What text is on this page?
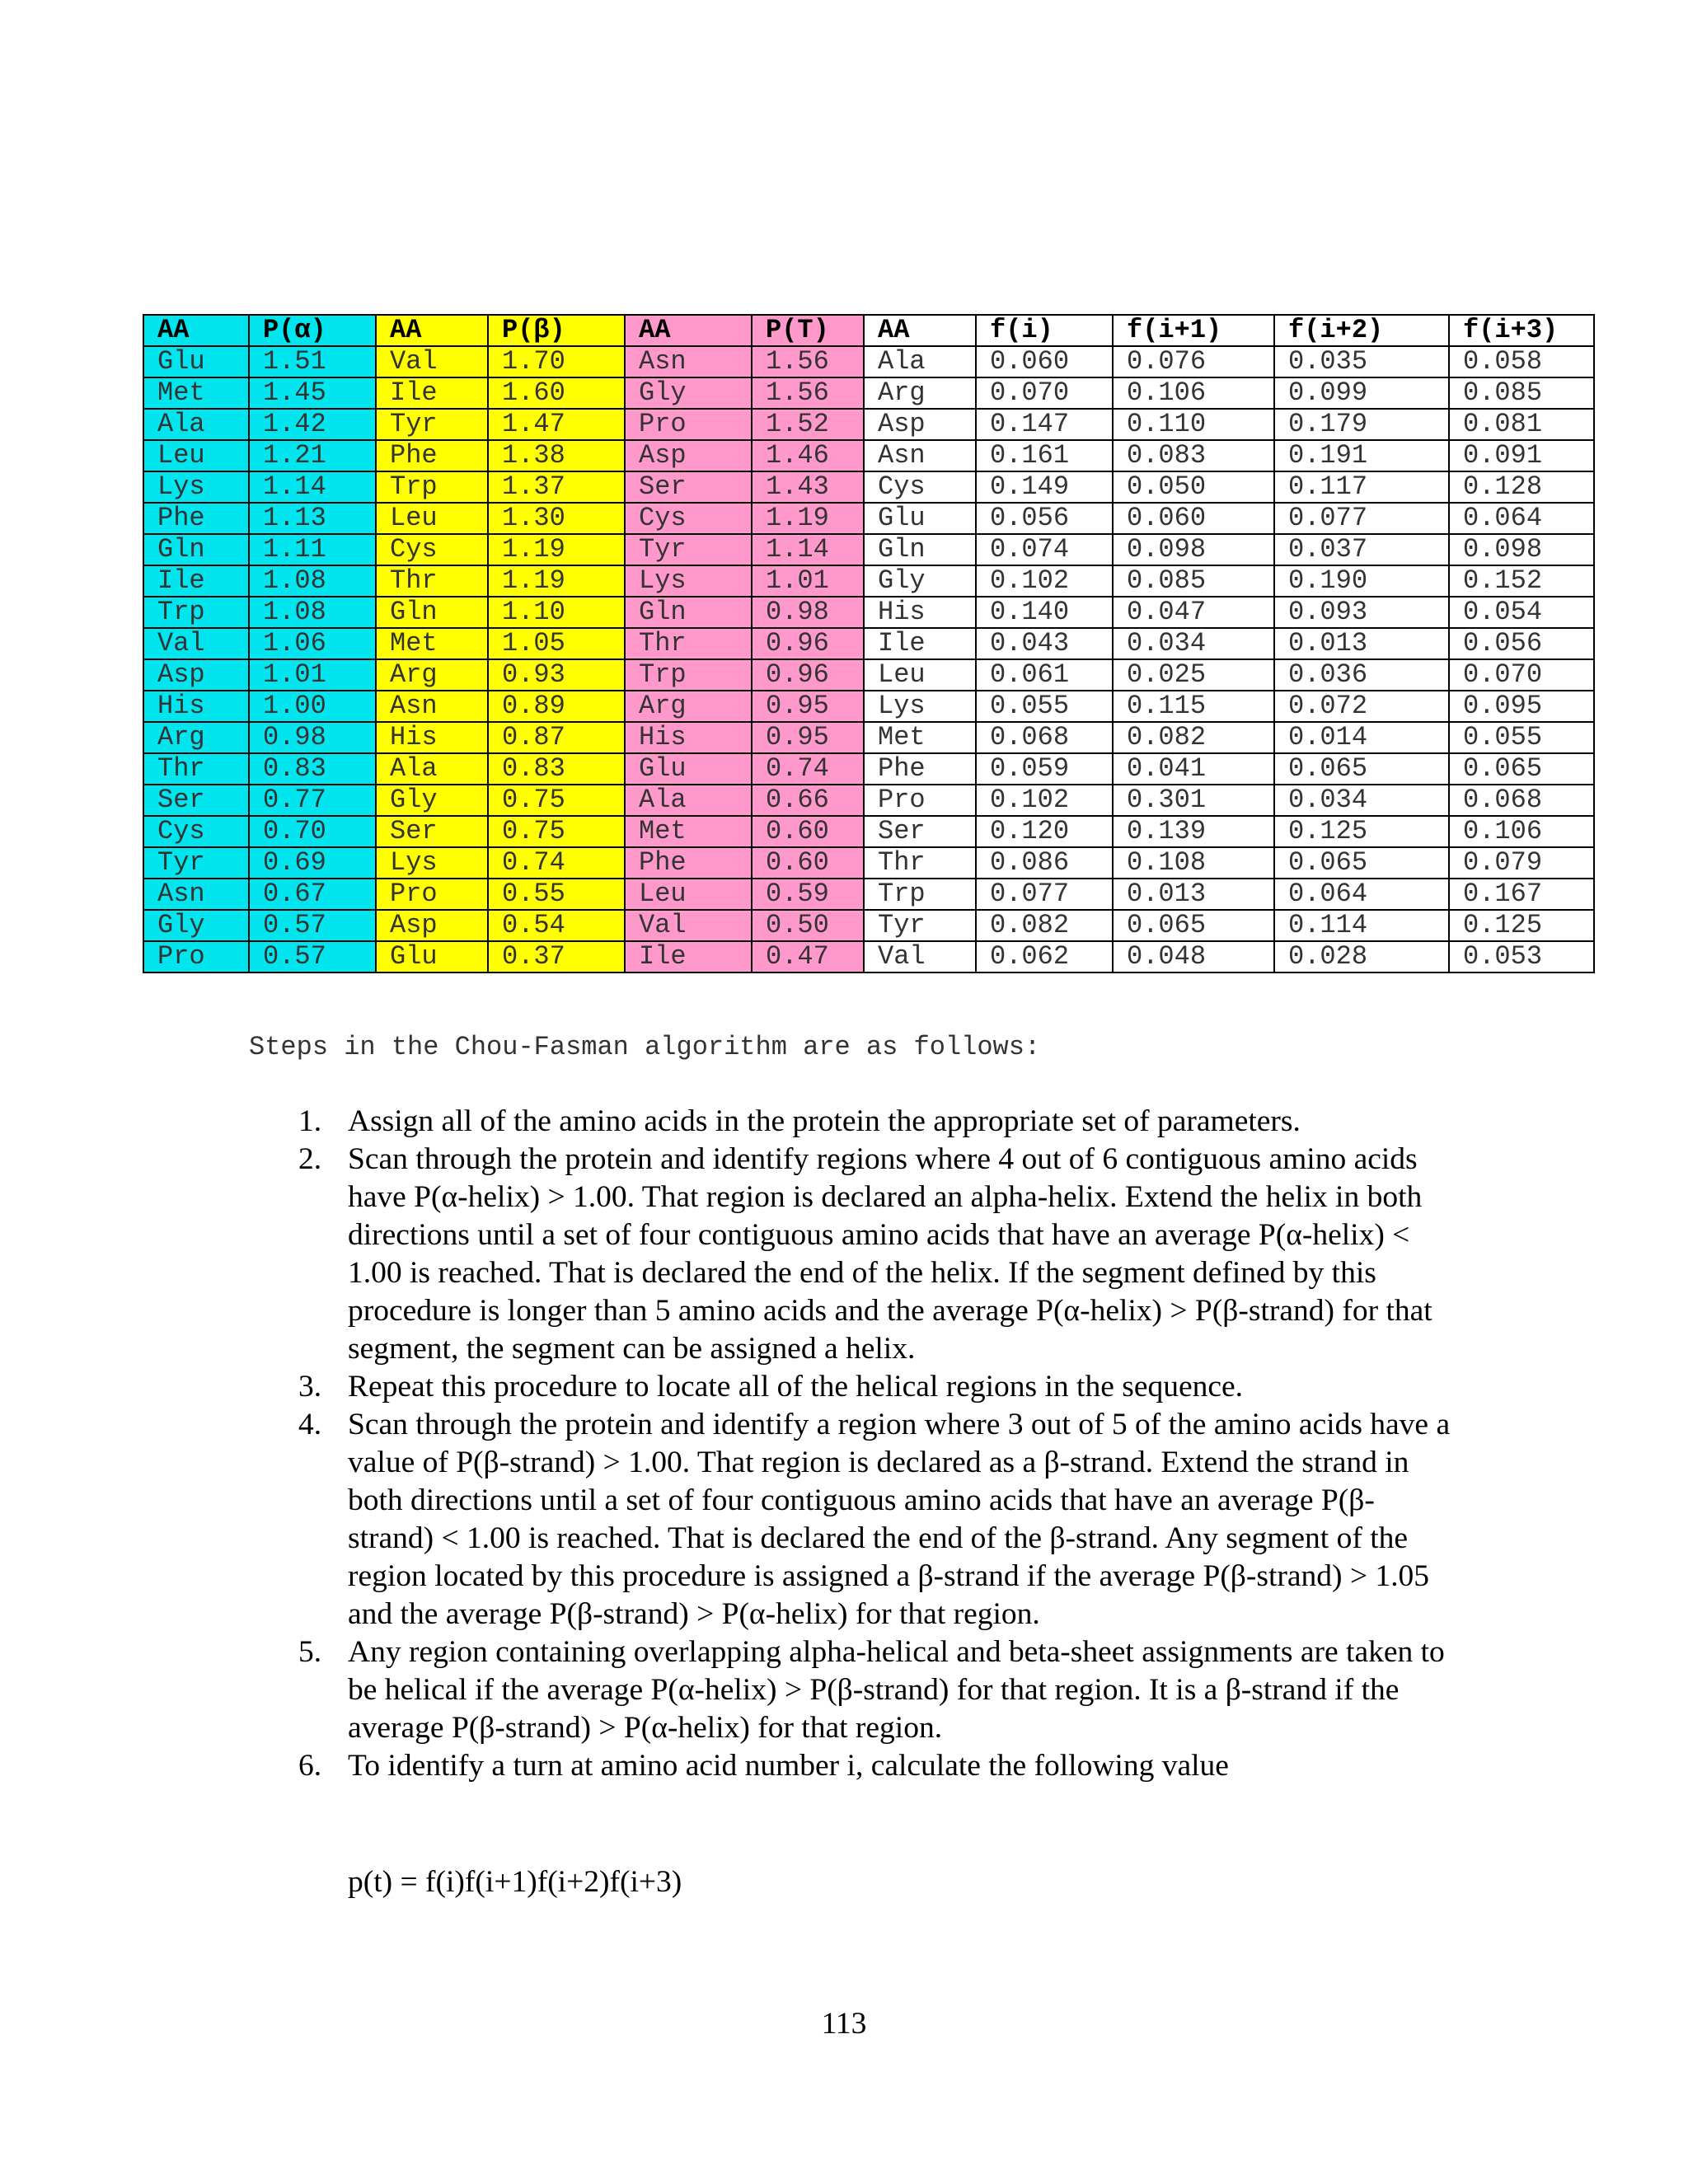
AA	P(α)	AA	P(β)	AA	P(T)	AA	f(i)	f(i+1)	f(i+2)	f(i+3)
Glu	1.51	Val	1.70	Asn	1.56	Ala	0.060	0.076	0.035	0.058
Met	1.45	Ile	1.60	Gly	1.56	Arg	0.070	0.106	0.099	0.085
Ala	1.42	Tyr	1.47	Pro	1.52	Asp	0.147	0.110	0.179	0.081
Leu	1.21	Phe	1.38	Asp	1.46	Asn	0.161	0.083	0.191	0.091
Lys	1.14	Trp	1.37	Ser	1.43	Cys	0.149	0.050	0.117	0.128
Phe	1.13	Leu	1.30	Cys	1.19	Glu	0.056	0.060	0.077	0.064
Gln	1.11	Cys	1.19	Tyr	1.14	Gln	0.074	0.098	0.037	0.098
Ile	1.08	Thr	1.19	Lys	1.01	Gly	0.102	0.085	0.190	0.152
Trp	1.08	Gln	1.10	Gln	0.98	His	0.140	0.047	0.093	0.054
Val	1.06	Met	1.05	Thr	0.96	Ile	0.043	0.034	0.013	0.056
Asp	1.01	Arg	0.93	Trp	0.96	Leu	0.061	0.025	0.036	0.070
His	1.00	Asn	0.89	Arg	0.95	Lys	0.055	0.115	0.072	0.095
Arg	0.98	His	0.87	His	0.95	Met	0.068	0.082	0.014	0.055
Thr	0.83	Ala	0.83	Glu	0.74	Phe	0.059	0.041	0.065	0.065
Ser	0.77	Gly	0.75	Ala	0.66	Pro	0.102	0.301	0.034	0.068
Cys	0.70	Ser	0.75	Met	0.60	Ser	0.120	0.139	0.125	0.106
Tyr	0.69	Lys	0.74	Phe	0.60	Thr	0.086	0.108	0.065	0.079
Asn	0.67	Pro	0.55	Leu	0.59	Trp	0.077	0.013	0.064	0.167
Gly	0.57	Asp	0.54	Val	0.50	Tyr	0.082	0.065	0.114	0.125
Pro	0.57	Glu	0.37	Ile	0.47	Val	0.062	0.048	0.028	0.053

Steps in the Chou-Fasman algorithm are as follows:

1. Assign all of the amino acids in the protein the appropriate set of parameters.
2. Scan through the protein and identify regions where 4 out of 6 contiguous amino acids have P(α-helix) > 1.00. That region is declared an alpha-helix. Extend the helix in both directions until a set of four contiguous amino acids that have an average P(α-helix) < 1.00 is reached. That is declared the end of the helix. If the segment defined by this procedure is longer than 5 amino acids and the average P(α-helix) > P(β-strand) for that segment, the segment can be assigned a helix.
3. Repeat this procedure to locate all of the helical regions in the sequence.
4. Scan through the protein and identify a region where 3 out of 5 of the amino acids have a value of P(β-strand) > 1.00. That region is declared as a β-strand. Extend the strand in both directions until a set of four contiguous amino acids that have an average P(β-strand) < 1.00 is reached. That is declared the end of the β-strand. Any segment of the region located by this procedure is assigned a β-strand if the average P(β-strand) > 1.05 and the average P(β-strand) > P(α-helix) for that region.
5. Any region containing overlapping alpha-helical and beta-sheet assignments are taken to be helical if the average P(α-helix) > P(β-strand) for that region. It is a β-strand if the average P(β-strand) > P(α-helix) for that region.
6. To identify a turn at amino acid number i, calculate the following value

p(t) = f(i)f(i+1)f(i+2)f(i+3)

113
